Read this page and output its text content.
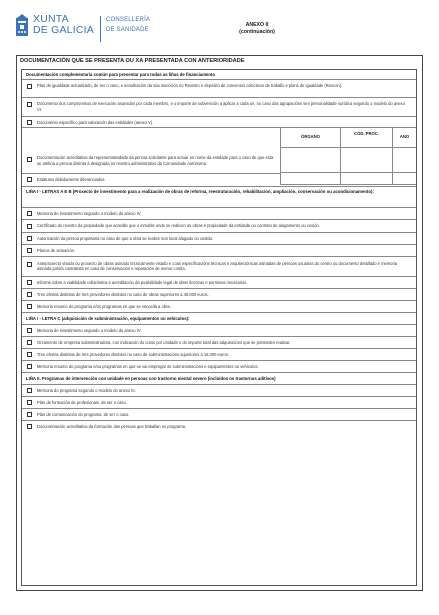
XUNTA
DE GALICIA
CONSELLERÍA
DE SANIDADE
ANEXO II
(continuación)
DOCUMENTACIÓN QUE SE PRESENTA OU XA PRESENTADA CON ANTERIORIDADE
Documentación complementaria común para presentar para todas as liñas de financiamento
Plan de igualdade actualizado, de ser o caso, e acreditación da súa inscrición no Rexistro e depósito de convenios colectivos de traballo e plans de igualdade (Rexcon).
Documento dos compromisos de execución asumidos por cada membro, e o importe de subvención a aplicar a cada un, no caso das agrupacións sen personalidade xurídica segundo o modelo do anexo VI.
Documento específico para valoración das entidades (anexo V).
Documentación acreditativa da representatividade da persoa solicitante para actuar en nome da entidade para o caso de que esta se atribúa a persoa distinta á designada no rexistro administrativo da Comunidade Autónoma.
ÓRGANO
CÓD. PROC.
ANO
Estatutos debidamente diferenciados.
LIÑA I - LETRAS A E B (Proxecto de investimento para a realización de obras de reforma, reestruturación, rehabilitación, ampliación, conservación ou acondicionamento):
Memoria de investimento segundo o modelo do anexo IV.
Certificado do rexistro da propiedade que acredite que o inmoble onde se realicen as obras é propiedade da entidade ou contrato de alugamento ou cesión.
Autorización da persoa propietaria no caso de que a obra se realice nun local alugado ou cedido.
Planos de actuación.
Anteproxecto visado ou proxecto de obras asinado técnicamente visado e coas especificacións técnicas e arquitectónicas asinadas de persoas usuarias do centro ou documento detallado e memoria asinada polo/a contratista en caso de conservación e reparación de menor contía.
Informe sobre a viabilidade urbanística e acreditación da posibilidade legal de obter licenzas e permisos necesarios.
Tres ofertas distintas de tres provedores distintos no caso de obras superiores a 40.000 euros.
Memoria resumo do programa e/os programas en que se vencella a obra.
LIÑA I - LETRA C (adquisición de subministración, equipamentos ou vehículos):
Memoria de investimento segundo o modelo do anexo IV.
Orzamento de empresa subministradora, con indicación do custo por unidade e do importe total das adquisicións que se pretenden realizar.
Tres ofertas distintas de tres provedores distintos no caso de subministracións superiores a 15.000 euros.
Memoria resumo do programa e/ou programas en que se vai empregar as subministracións e equipamentos ou vehículos.
LIÑA II. Programas de intervención con unidade en persoas con trastorno mental severo (incluídos os trastornos aditivos)
Memoria do programa segundo o modelo do anexo III.
Plan de formación de profesionais, de ser o caso.
Plan de comunicación do programa, de ser o caso.
Documentación acreditativa da formación das persoas que traballan no programa.
